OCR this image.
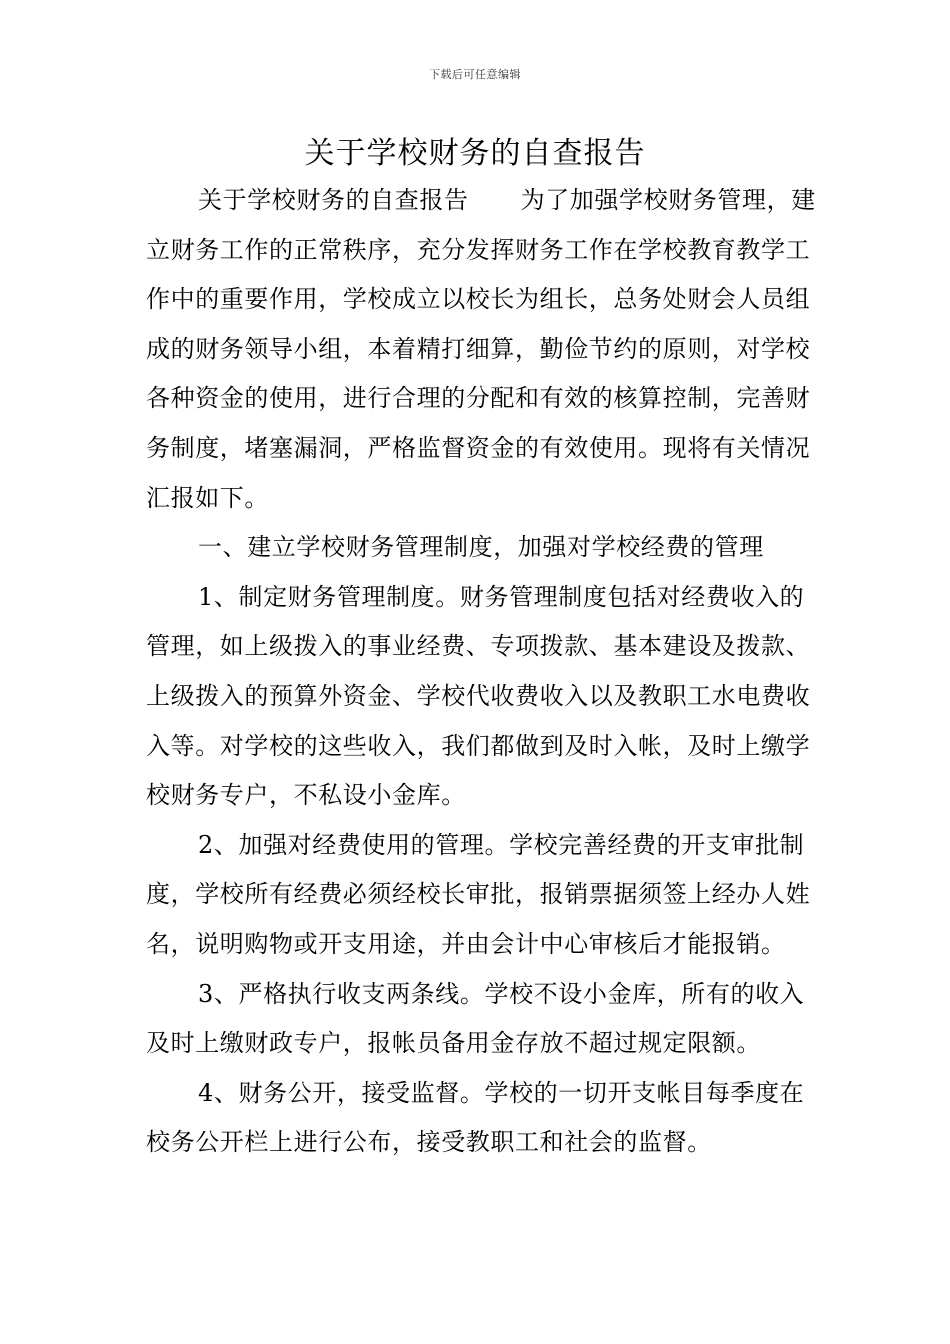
下载后可任意编辑
关于学校财务的自查报告

关于学校财务的自查报告 为了加强学校财务管理，建立财务工作的正常秩序，充分发挥财务工作在学校教育教学工作中的重要作用，学校成立以校长为组长，总务处财会人员组成的财务领导小组，本着精打细算，勤俭节约的原则，对学校各种资金的使用，进行合理的分配和有效的核算控制，完善财务制度，堵塞漏洞，严格监督资金的有效使用。现将有关情况汇报如下。

一、建立学校财务管理制度，加强对学校经费的管理

1、制定财务管理制度。财务管理制度包括对经费收入的管理，如上级拨入的事业经费、专项拨款、基本建设及拨款、上级拨入的预算外资金、学校代收费收入以及教职工水电费收入等。对学校的这些收入，我们都做到及时入帐，及时上缴学校财务专户，不私设小金库。

2、加强对经费使用的管理。学校完善经费的开支审批制度，学校所有经费必须经校长审批，报销票据须签上经办人姓名，说明购物或开支用途，并由会计中心审核后才能报销。

3、严格执行收支两条线。学校不设小金库，所有的收入及时上缴财政专户，报帐员备用金存放不超过规定限额。

4、财务公开，接受监督。学校的一切开支帐目每季度在校务公开栏上进行公布，接受教职工和社会的监督。
